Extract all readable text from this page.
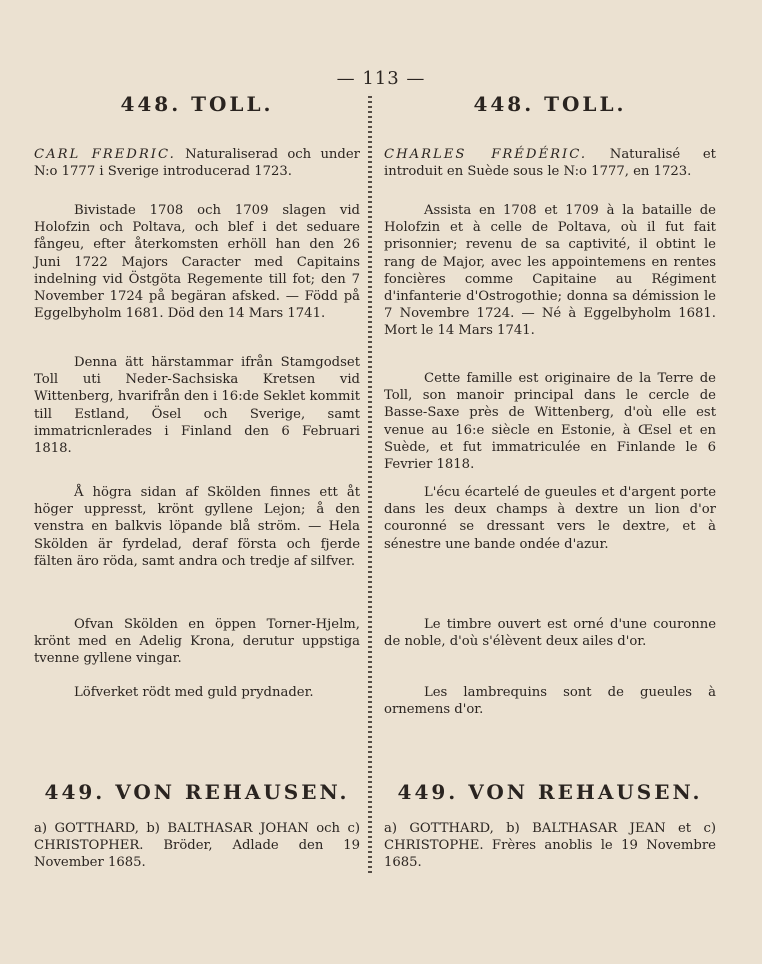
— 113 —
448. TOLL.
CARL FREDRIC. Naturaliserad och under N:o 1777 i Sverige introducerad 1723.
Bivistade 1708 och 1709 slagen vid Holofzin och Poltava, och blef i det seduare fångeu, efter återkomsten erhöll han den 26 Juni 1722 Majors Caracter med Capitains indelning vid Östgöta Regemente till fot; den 7 November 1724 på begäran afsked. — Född på Eggelbyholm 1681. Död den 14 Mars 1741.
Denna ätt härstammar ifrån Stamgodset Toll uti Neder-Sachsiska Kretsen vid Wittenberg, hvarifrån den i 16:de Seklet kommit till Estland, Ösel och Sverige, samt immatricnlerades i Finland den 6 Februari 1818.
Å högra sidan af Skölden finnes ett åt höger uppresst, krönt gyllene Lejon; å den venstra en balkvis löpande blå ström. — Hela Skölden är fyrdelad, deraf första och fjerde fälten äro röda, samt andra och tredje af silfver.
Ofvan Skölden en öppen Torner-Hjelm, krönt med en Adelig Krona, derutur uppstiga tvenne gyllene vingar.
Löfverket rödt med guld prydnader.
449. VON REHAUSEN.
a) GOTTHARD, b) BALTHASAR JOHAN och c) CHRISTOPHER. Bröder, Adlade den 19 November 1685.
448. TOLL.
CHARLES FRÉDÉRIC. Naturalisé et introduit en Suède sous le N:o 1777, en 1723.
Assista en 1708 et 1709 à la bataille de Holofzin et à celle de Poltava, où il fut fait prisonnier; revenu de sa captivité, il obtint le rang de Major, avec les appointemens en rentes foncières comme Capitaine au Régiment d'infanterie d'Ostrogothie; donna sa démission le 7 Novembre 1724. — Né à Eggelbyholm 1681. Mort le 14 Mars 1741.
Cette famille est originaire de la Terre de Toll, son manoir principal dans le cercle de Basse-Saxe près de Wittenberg, d'où elle est venue au 16:e siècle en Estonie, à Œsel et en Suède, et fut immatriculée en Finlande le 6 Fevrier 1818.
L'écu écartelé de gueules et d'argent porte dans les deux champs à dextre un lion d'or couronné se dressant vers le dextre, et à sénestre une bande ondée d'azur.
Le timbre ouvert est orné d'une couronne de noble, d'où s'élèvent deux ailes d'or.
Les lambrequins sont de gueules à ornemens d'or.
449. VON REHAUSEN.
a) GOTTHARD, b) BALTHASAR JEAN et c) CHRISTOPHE. Frères anoblis le 19 Novembre 1685.
